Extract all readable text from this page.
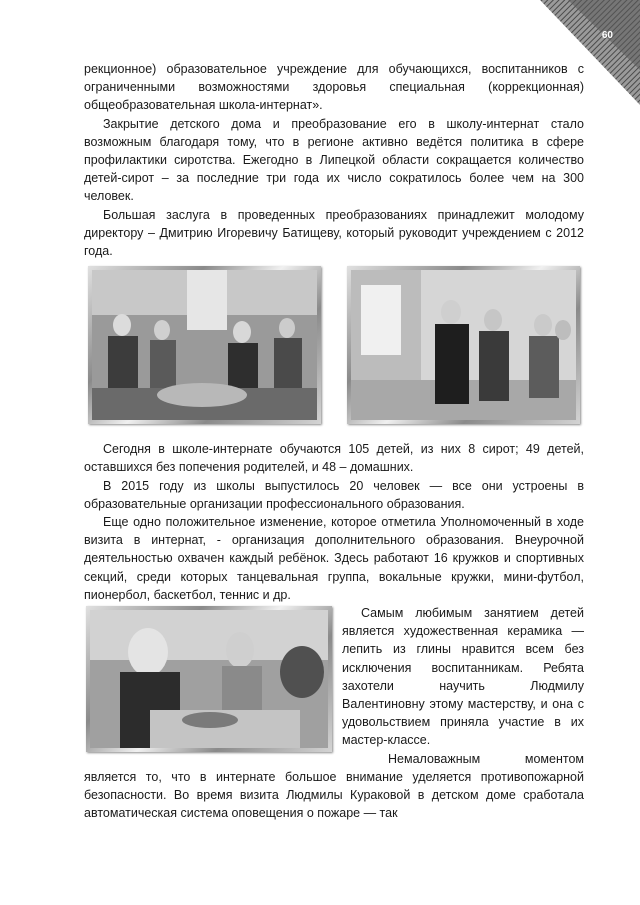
60

рекционное) образовательное учреждение для обучающихся, воспитанников с ограниченными возможностями здоровья специальная (коррекционная) общеобразовательная школа-интернат».

Закрытие детского дома и преобразование его в школу-интернат стало возможным благодаря тому, что в регионе активно ведётся политика в сфере профилактики сиротства. Ежегодно в Липецкой области сокращается количество детей-сирот – за последние три года их число сократилось более чем на 300 человек.

Большая заслуга в проведенных преобразованиях принадлежит молодому директору – Дмитрию Игоревичу Батищеву, который руководит учреждением с 2012 года.

Сегодня в школе-интернате обучаются 105 детей, из них 8 сирот; 49 детей, оставшихся без попечения родителей, и 48 – домашних.

В 2015 году из школы выпустилось 20 человек — все они устроены в образовательные организации профессионального образования.

Еще одно положительное изменение, которое отметила Уполномоченный в ходе визита в интернат, - организация дополнительного образования. Внеурочной деятельностью охвачен каждый ребёнок. Здесь работают 16 кружков и спортивных секций, среди которых танцевальная группа, вокальные кружки, мини-футбол, пионербол, баскетбол, теннис и др.

Самым любимым занятием детей является художественная керамика — лепить из глины нравится всем без исключения воспитанникам. Ребята захотели научить Людмилу Валентиновну этому мастерству, и она с удовольствием приняла участие в их мастер-классе.

Немаловажным моментом является то, что в интернате большое внимание уделяется противопожарной безопасности. Во время визита Людмилы Кураковой в детском доме сработала автоматическая система оповещения о пожаре — так
